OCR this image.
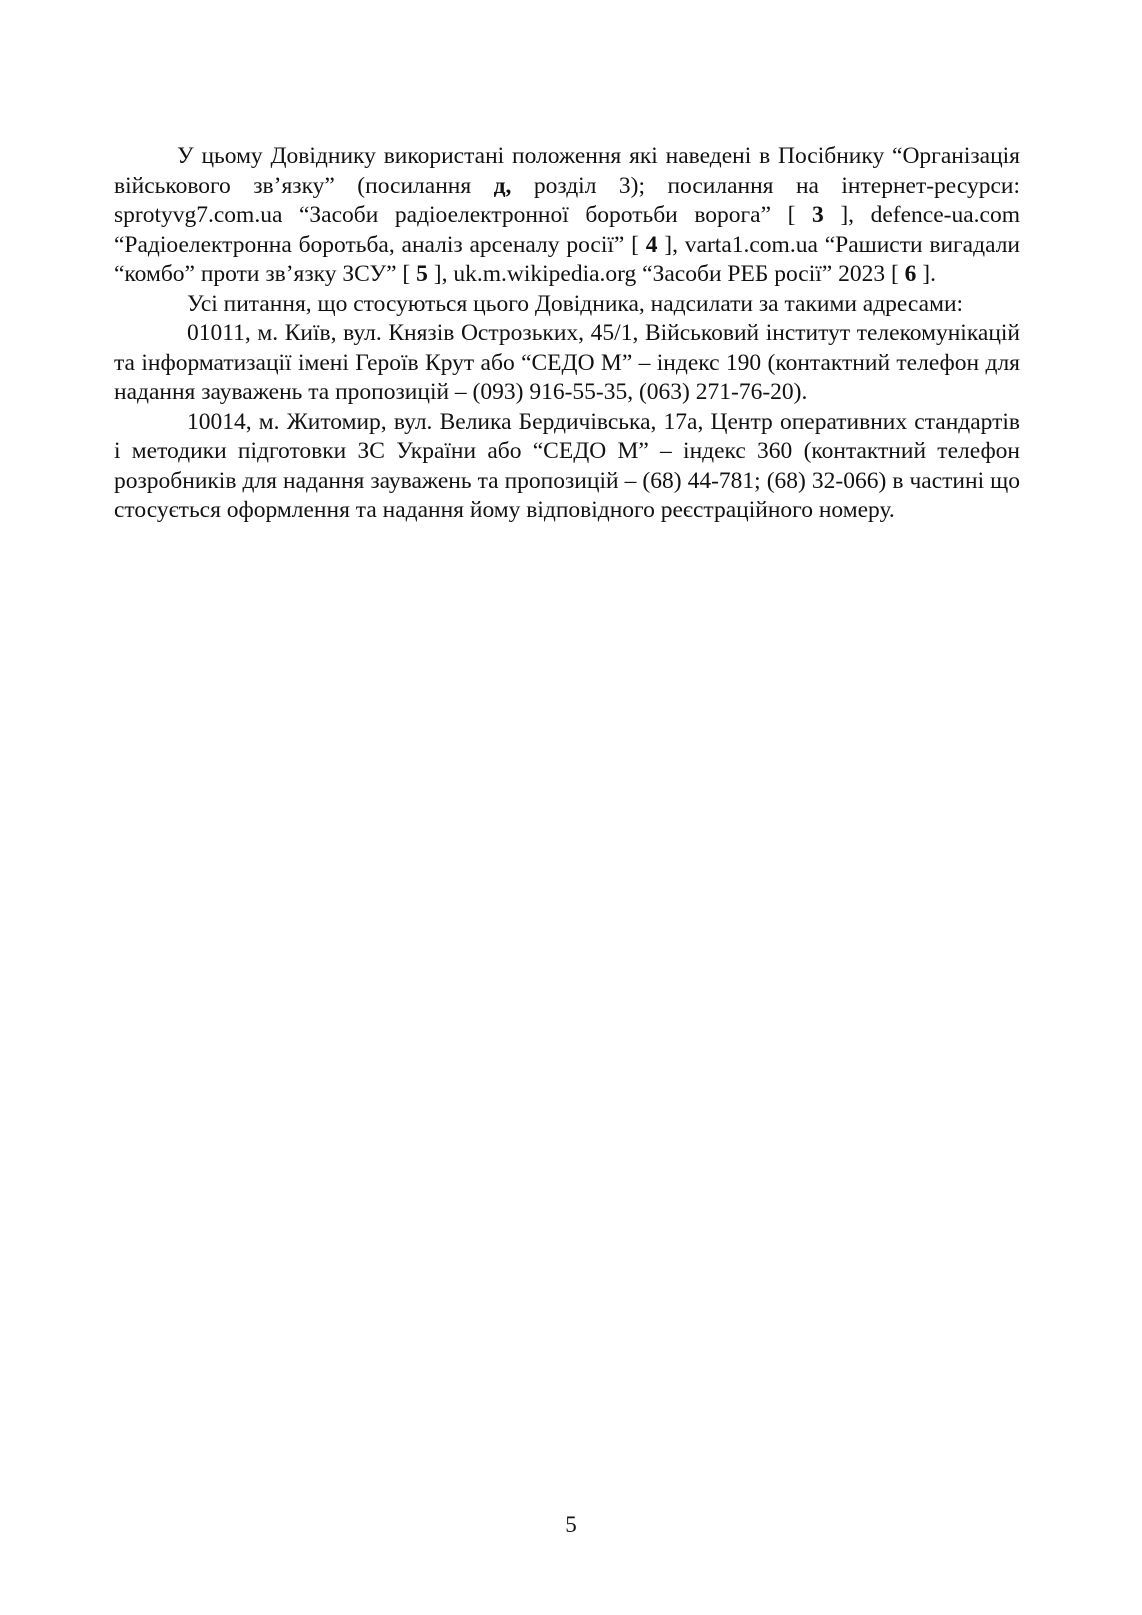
У цьому Довіднику використані положення які наведені в Посібнику “Організація військового зв’язку” (посилання д, розділ 3); посилання на інтернет-ресурси: sprotyvg7.com.ua “Засоби радіоелектронної боротьби ворога” [ 3 ], defence-ua.com “Радіоелектронна боротьба, аналіз арсеналу росії” [ 4 ], varta1.com.ua “Рашисти вигадали “комбо” проти зв’язку ЗСУ” [ 5 ], uk.m.wikipedia.org “Засоби РЕБ росії” 2023 [ 6 ].

Усі питання, що стосуються цього Довідника, надсилати за такими адресами:

01011, м. Київ, вул. Князів Острозьких, 45/1, Військовий інститут телекомунікацій та інформатизації імені Героїв Крут або “СЕДО М” – індекс 190 (контактний телефон для надання зауважень та пропозицій – (093) 916-55-35, (063) 271-76-20).

10014, м. Житомир, вул. Велика Бердичівська, 17а, Центр оперативних стандартів і методики підготовки ЗС України або “СЕДО М” – індекс 360 (контактний телефон розробників для надання зауважень та пропозицій – (68) 44-781; (68) 32-066) в частині що стосується оформлення та надання йому відповідного реєстраційного номеру.

5
